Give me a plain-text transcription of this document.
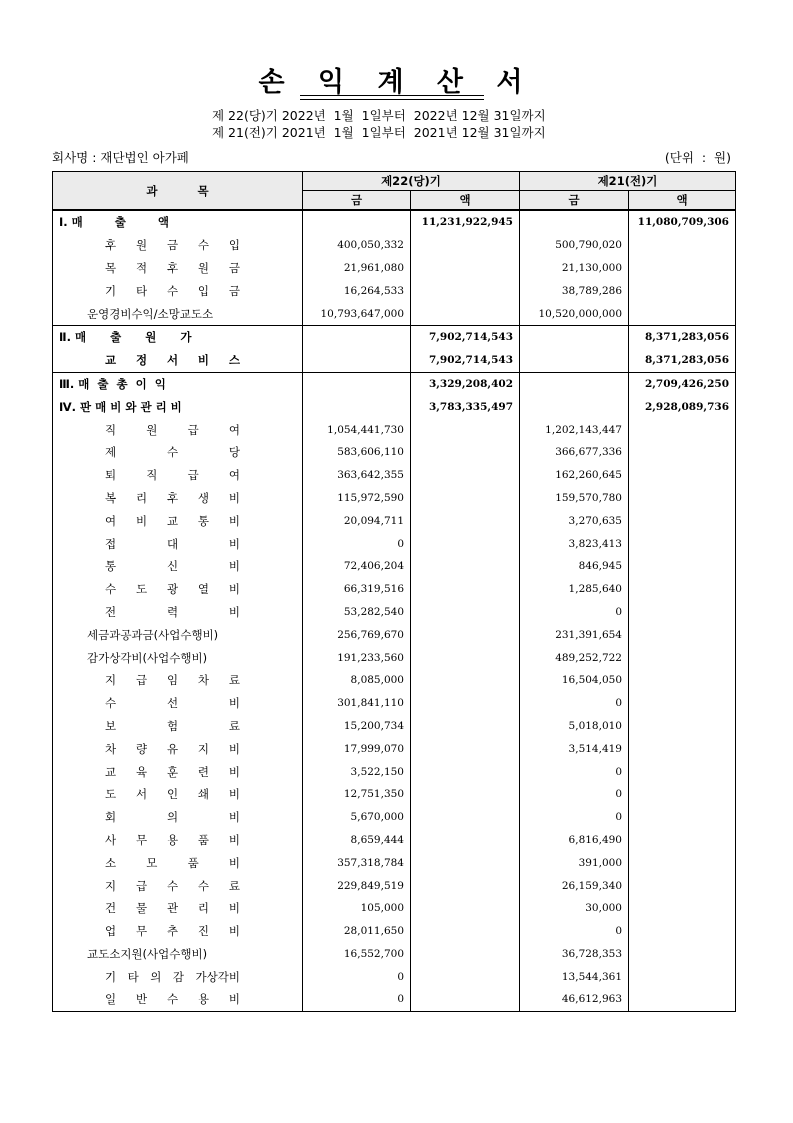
손 익 계 산 서
제 22(당)기 2022년  1월  1일부터  2022년 12월 31일까지
제 21(전)기 2021년  1월  1일부터  2021년 12월 31일까지
회사명 : 재단법인 아가페	(단위  :  원)
과          목	제22(당)기		제21(전)기	
	금	액	금	액
Ⅰ. 매        출        액		11,231,922,945		11,080,709,306

후 원 금 수 입	400,050,332		500,790,020	

목 적 후 원 금	21,961,080		21,130,000	

기 타 수 입 금	16,264,533		38,789,286	
운영경비수익/소망교도소	10,793,647,000		10,520,000,000	
Ⅱ. 매      출      원      가		7,902,714,543		8,371,283,056

교 정 서 비 스		7,902,714,543		8,371,283,056
Ⅲ. 매  출  총  이  익		3,329,208,402		2,709,426,250
Ⅳ. 판 매 비 와 관 리 비		3,783,335,497		2,928,089,736

직 원 급 여	1,054,441,730		1,202,143,447	

제 수 당	583,606,110		366,677,336	

퇴 직 급 여	363,642,355		162,260,645	

복 리 후 생 비	115,972,590		159,570,780	

여 비 교 통 비	20,094,711		3,270,635	

접 대 비	0		3,823,413	

통 신 비	72,406,204		846,945	

수 도 광 열 비	66,319,516		1,285,640	

전 력 비	53,282,540		0	
세금과공과금(사업수행비)	256,769,670		231,391,654	
감가상각비(사업수행비)	191,233,560		489,252,722	

지 급 임 차 료	8,085,000		16,504,050	

수 선 비	301,841,110		0	

보 험 료	15,200,734		5,018,010	

차 량 유 지 비	17,999,070		3,514,419	

교 육 훈 련 비	3,522,150		0	

도 서 인 쇄 비	12,751,350		0	

회 의 비	5,670,000		0	

사 무 용 품 비	8,659,444		6,816,490	

소 모 품 비	357,318,784		391,000	

지 급 수 수 료	229,849,519		26,159,340	

건 물 관 리 비	105,000		30,000	

업 무 추 진 비	28,011,650		0	
교도소지원(사업수행비)	16,552,700		36,728,353	

기 타 의 감 가상각비	0		13,544,361	

일 반 수 용 비	0		46,612,963	
